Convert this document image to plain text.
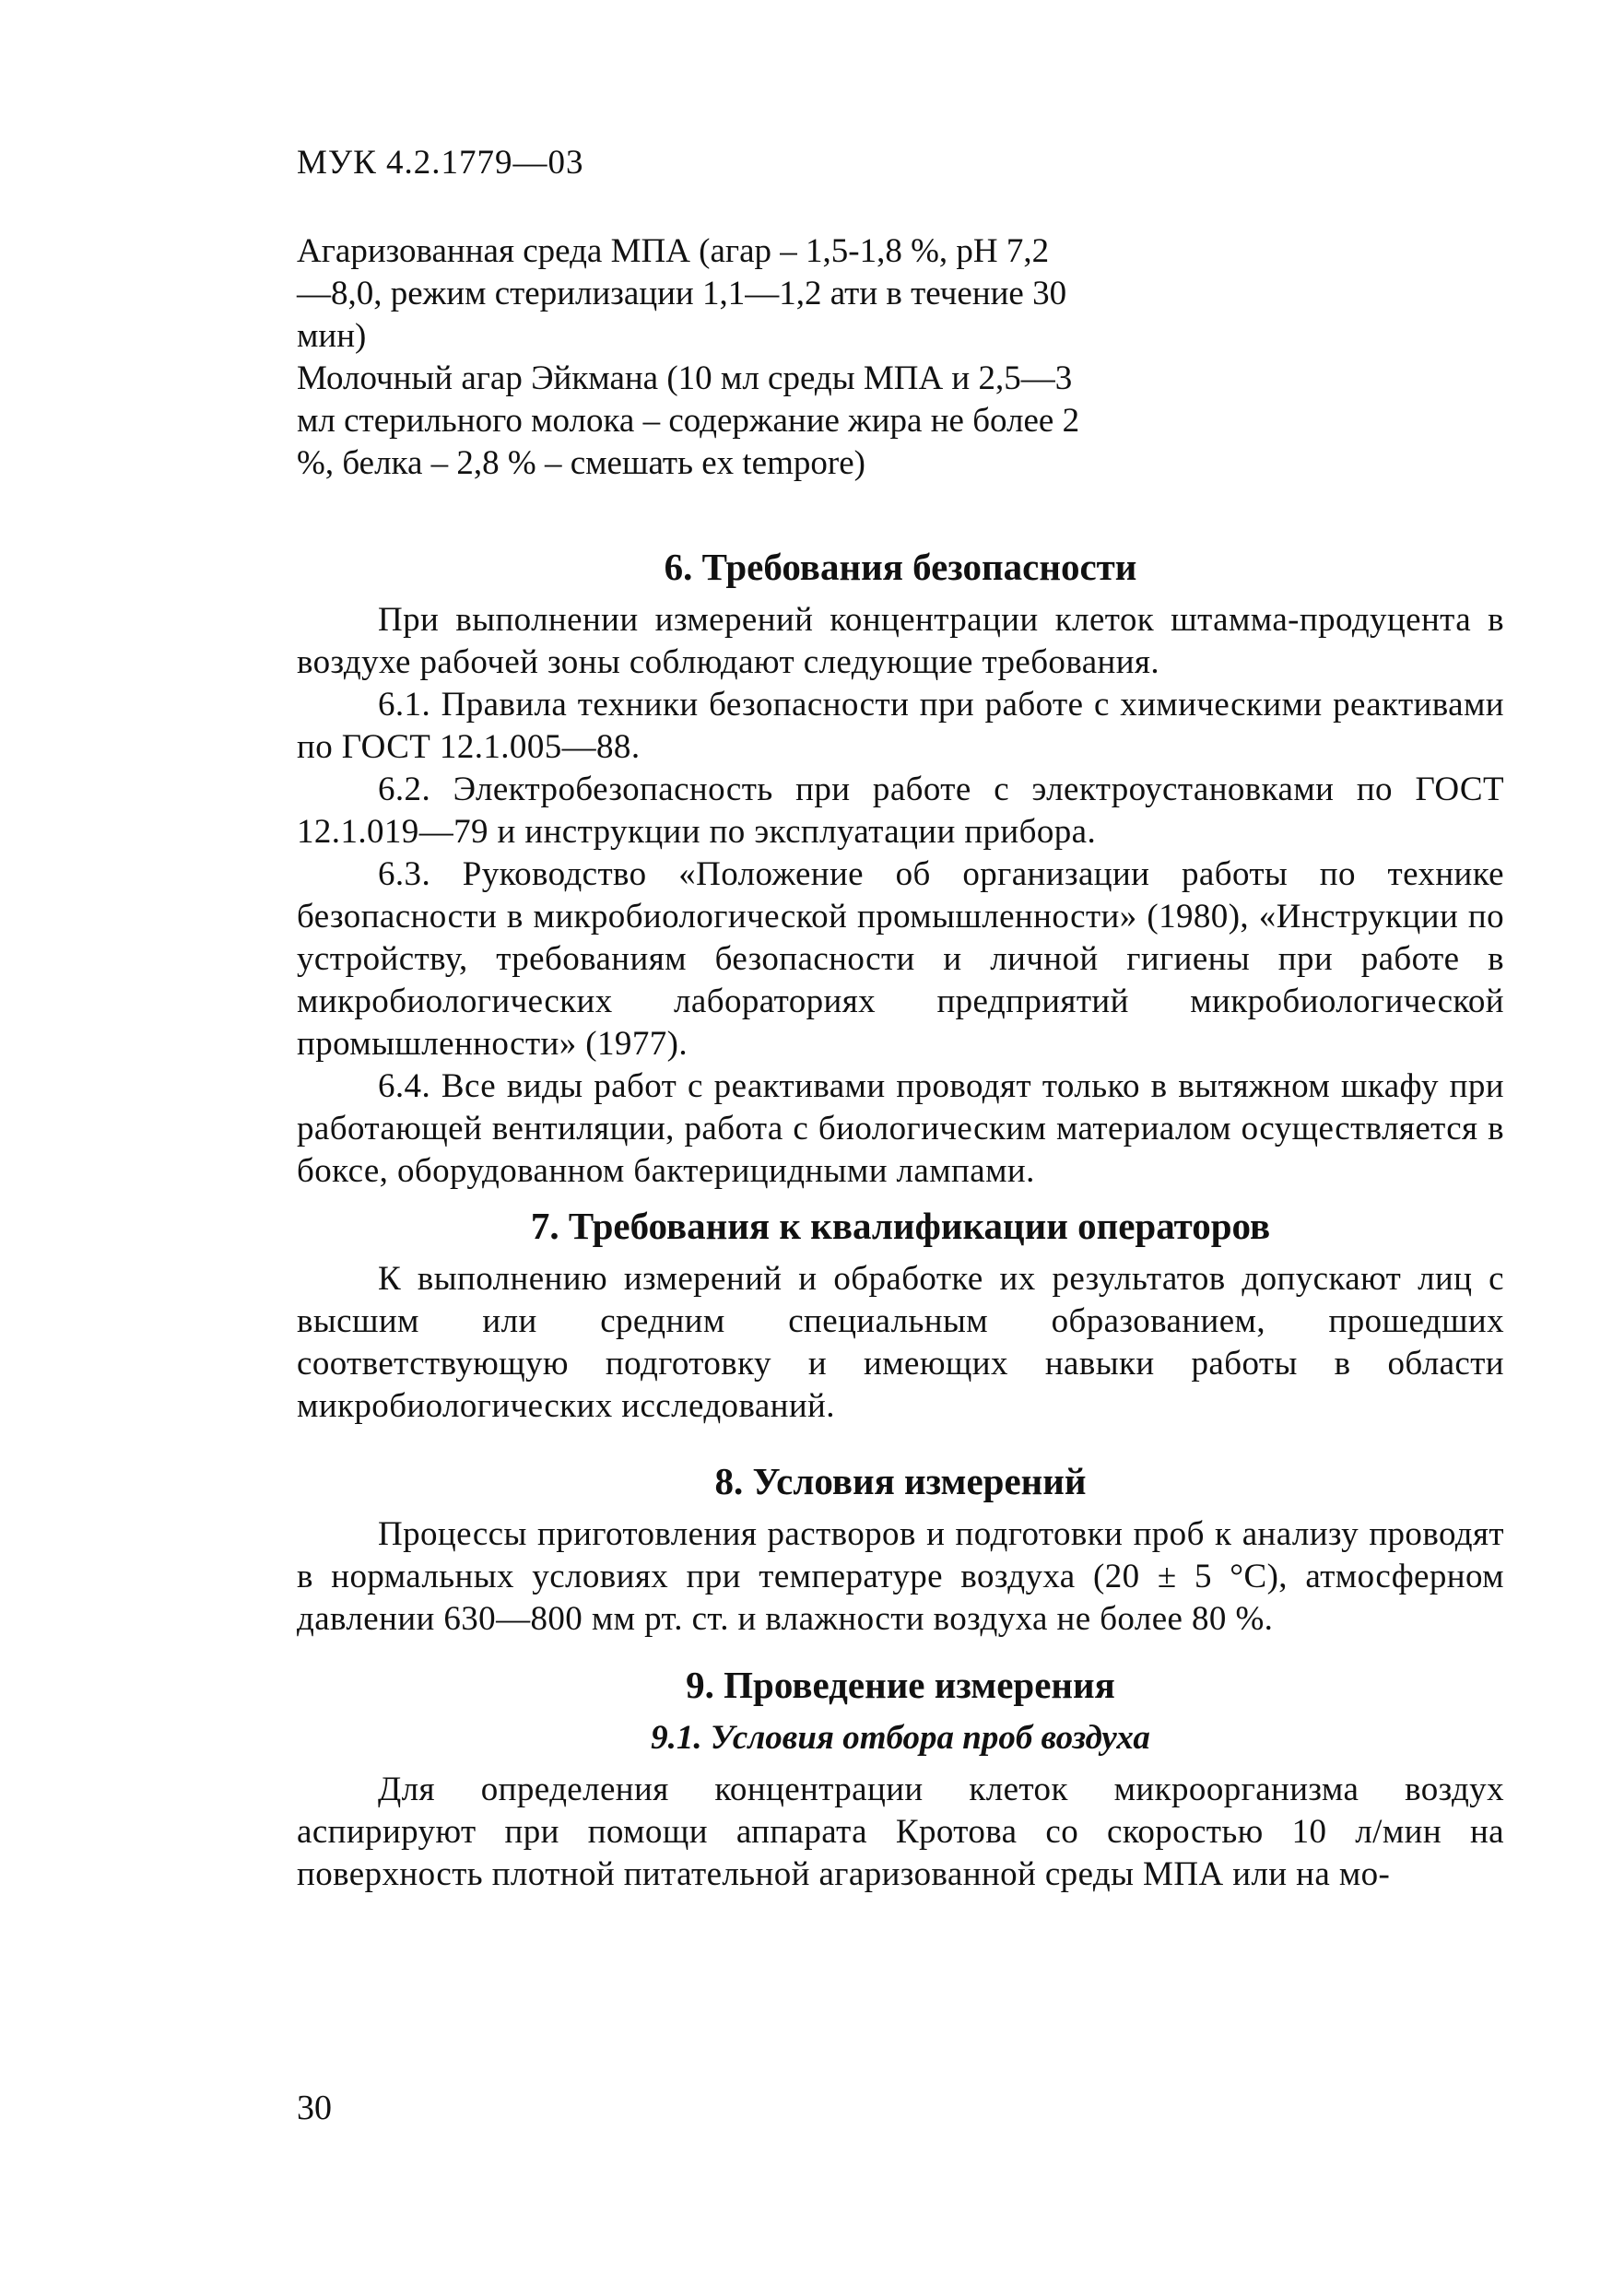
МУК 4.2.1779—03

Агаризованная среда МПА (агар – 1,5-1,8 %, pH 7,2—8,0, режим стерилизации 1,1—1,2 ати в течение 30 мин)

Молочный агар Эйкмана (10 мл среды МПА и 2,5—3 мл стерильного молока – содержание жира не более 2 %, белка – 2,8 % – смешать ex tempore)

6. Требования безопасности

При выполнении измерений концентрации клеток штамма-продуцента в воздухе рабочей зоны соблюдают следующие требования.

6.1. Правила техники безопасности при работе с химическими реактивами по ГОСТ 12.1.005—88.

6.2. Электробезопасность при работе с электроустановками по ГОСТ 12.1.019—79 и инструкции по эксплуатации прибора.

6.3. Руководство «Положение об организации работы по технике безопасности в микробиологической промышленности» (1980), «Инструкции по устройству, требованиям безопасности и личной гигиены при работе в микробиологических лабораториях предприятий микробиологической промышленности» (1977).

6.4. Все виды работ с реактивами проводят только в вытяжном шкафу при работающей вентиляции, работа с биологическим материалом осуществляется в боксе, оборудованном бактерицидными лампами.

7. Требования к квалификации операторов

К выполнению измерений и обработке их результатов допускают лиц с высшим или средним специальным образованием, прошедших соответствующую подготовку и имеющих навыки работы в области микробиологических исследований.

8. Условия измерений

Процессы приготовления растворов и подготовки проб к анализу проводят в нормальных условиях при температуре воздуха (20 ± 5 °С), атмосферном давлении 630—800 мм рт. ст. и влажности воздуха не более 80 %.

9. Проведение измерения
9.1. Условия отбора проб воздуха

Для определения концентрации клеток микроорганизма воздух аспирируют при помощи аппарата Кротова со скоростью 10 л/мин на поверхность плотной питательной агаризованной среды МПА или на мо-

30
